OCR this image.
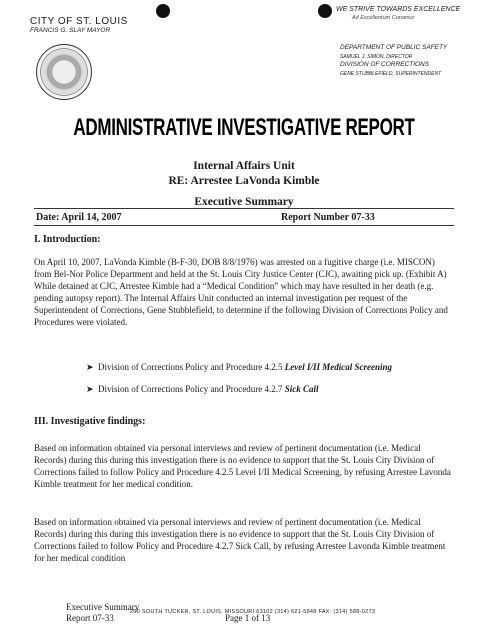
CITY OF ST. LOUIS
FRANCIS G. SLAY MAYOR
WE STRIVE TOWARDS EXCELLENCE
Ad Excellentum Conamur
DEPARTMENT OF PUBLIC SAFETY
SAMUEL J. SIMON, DIRECTOR
DIVISION OF CORRECTIONS
GENE STUBBLEFIELD, SUPERINTENDENT
ADMINISTRATIVE INVESTIGATIVE REPORT
Internal Affairs Unit
RE: Arrestee LaVonda Kimble
Executive Summary
Date: April 14, 2007	Report Number 07-33
I. Introduction:
On April 10, 2007, LaVonda Kimble (B-F-30, DOB 8/8/1976) was arrested on a fugitive charge (i.e. MISCON) from Bel-Nor Police Department and held at the St. Louis City Justice Center (CJC), awaiting pick up. (Exhibit A) While detained at CJC, Arrestee Kimble had a “Medical Condition” which may have resulted in her death (e.g. pending autopsy report). The Internal Affairs Unit conducted an internal investigation per request of the Superintendent of Corrections, Gene Stubblefield, to determine if the following Division of Corrections Policy and Procedures were violated.
➤  Division of Corrections Policy and Procedure 4.2.5 Level I/II Medical Screening
➤  Division of Corrections Policy and Procedure 4.2.7 Sick Call
III. Investigative findings:
Based on information obtained via personal interviews and review of pertinent documentation (i.e. Medical Records) during this during this investigation there is no evidence to support that the St. Louis City Division of Corrections failed to follow Policy and Procedure 4.2.5 Level I/II Medical Screening, by refusing Arrestee Lavonda Kimble treatment for her medical condition.
Based on information obtained via personal interviews and review of pertinent documentation (i.e. Medical Records) during this during this investigation there is no evidence to support that the St. Louis City Division of Corrections failed to follow Policy and Procedure 4.2.7 Sick Call, by refusing Arrestee Lavonda Kimble treatment for her medical condition
Executive Summary
Report 07-33	Page 1 of 13
200 SOUTH TUCKER, ST. LOUIS, MISSOURI 63102 (314) 621-5848 FAX: (314) 588-0273
